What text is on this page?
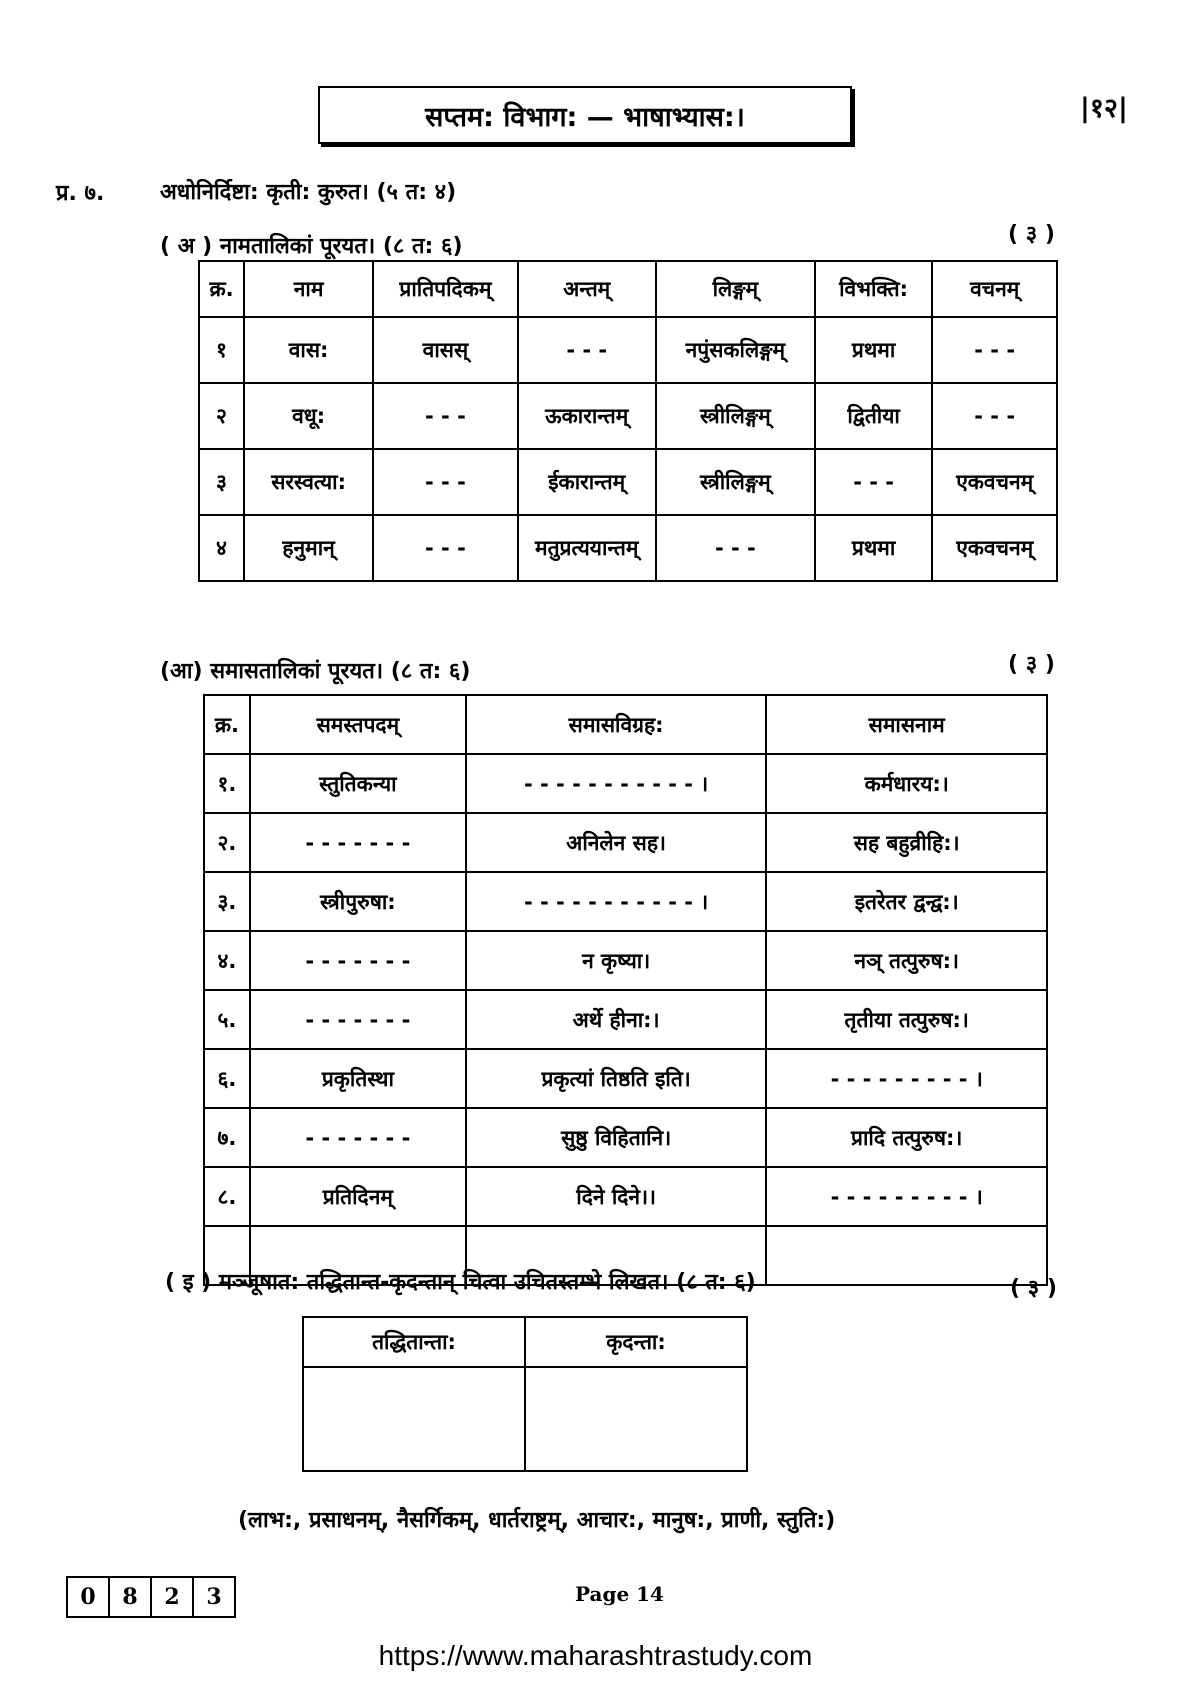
सप्तम: विभाग: — भाषाभ्यास:।	|१२|
प्र. ७.	अधोनिर्दिष्टा: कृती: कुरुत। (५ त: ४)
( अ ) नामतालिकां पूरयत। (८ त: ६)	( ३ )
क्र.	नाम	प्रातिपदिकम्	अन्तम्	लिङ्गम्	विभक्ति:	वचनम्
१	वास:	वासस्	- - -	नपुंसकलिङ्गम्	प्रथमा	- - -
२	वधू:	- - -	ऊकारान्तम्	स्त्रीलिङ्गम्	द्वितीया	- - -
३	सरस्वत्या:	- - -	ईकारान्तम्	स्त्रीलिङ्गम्	- - -	एकवचनम्
४	हनुमान्	- - -	मतुप्रत्ययान्तम्	- - -	प्रथमा	एकवचनम्
(आ) समासतालिकां पूरयत। (८ त: ६)	( ३ )
क्र.	समस्तपदम्	समासविग्रह:	समासनाम
१.	स्तुतिकन्या	- - - - - - - - - - - ।	कर्मधारय:।
२.	- - - - - - -	अनिलेन सह।	सह बहुव्रीहि:।
३.	स्त्रीपुरुषा:	- - - - - - - - - - - ।	इतरेतर द्वन्द्व:।
४.	- - - - - - -	न कृष्या।	नञ् तत्पुरुष:।
५.	- - - - - - -	अर्थे हीना:।	तृतीया तत्पुरुष:।
६.	प्रकृतिस्था	प्रकृत्यां तिष्ठति इति।	- - - - - - - - - ।
७.	- - - - - - -	सुष्ठु विहितानि।	प्रादि तत्पुरुष:।
८.	प्रतिदिनम्	दिने दिने।।	- - - - - - - - - ।

( इ ) मञ्जूषात: तद्धितान्त-कृदन्तान् चित्वा उचितस्तम्भे लिखत। (८ त: ६)	( ३ )
तद्धितान्ता:	कृदन्ता:

(लाभ:, प्रसाधनम्, नैसर्गिकम्, धार्तराष्ट्रम्, आचार:, मानुष:, प्राणी, स्तुति:)
0	8	2	3	Page 14
https://www.maharashtrastudy.com
